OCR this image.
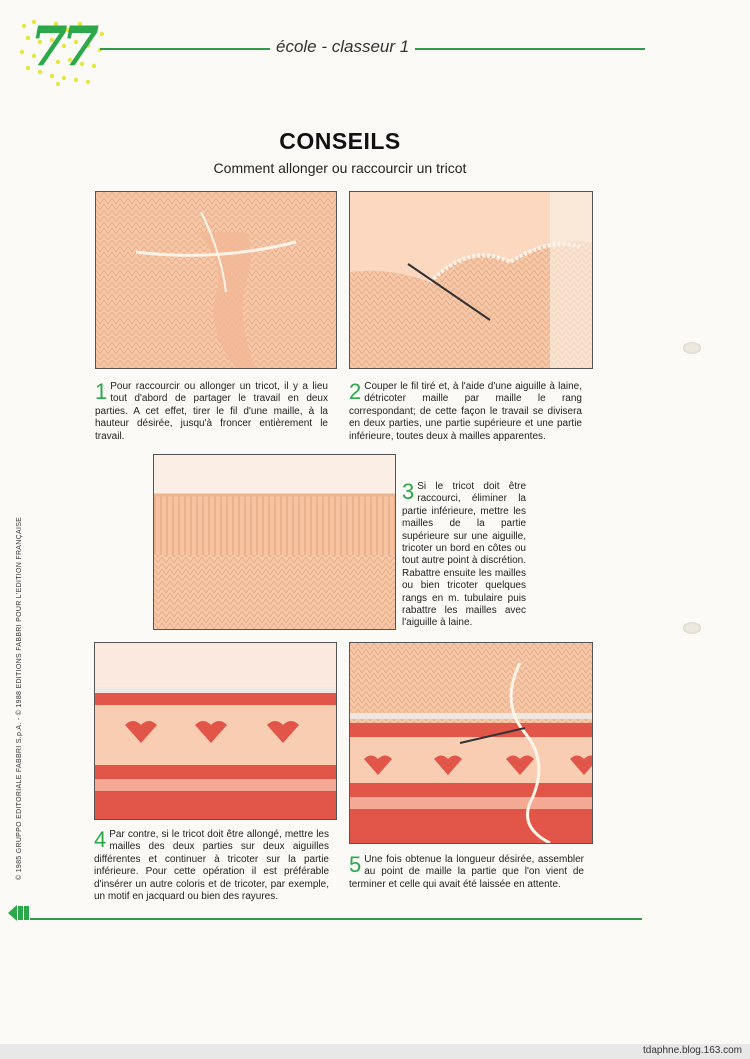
77	école - classeur 1
CONSEILS
Comment allonger ou raccourcir un tricot
1 Pour raccourcir ou allonger un tricot, il y a lieu tout d'abord de partager le travail en deux parties. A cet effet, tirer le fil d'une maille, à la hauteur désirée, jusqu'à froncer entièrement le travail.
2 Couper le fil tiré et, à l'aide d'une aiguille à laine, détricoter maille par maille le rang correspondant; de cette façon le travail se divisera en deux parties, une partie supérieure et une partie inférieure, toutes deux à mailles apparentes.
3 Si le tricot doit être raccourci, éliminer la partie inférieure, mettre les mailles de la partie supérieure sur une aiguille, tricoter un bord en côtes ou tout autre point à discrétion. Rabattre ensuite les mailles ou bien tricoter quelques rangs en m. tubulaire puis rabattre les mailles avec l'aiguille à laine.
4 Par contre, si le tricot doit être allongé, mettre les mailles des deux parties sur deux aiguilles différentes et continuer à tricoter sur la partie inférieure. Pour cette opération il est préférable d'insérer un autre coloris et de tricoter, par exemple, un motif en jacquard ou bien des rayures.
5 Une fois obtenue la longueur désirée, assembler au point de maille la partie que l'on vient de terminer et celle qui avait été laissée en attente.
© 1985 GRUPPO EDITORIALE FABBRI S.p.A. - © 1988 EDITIONS FABBRI POUR L'EDITION FRANÇAISE
tdaphne.blog.163.com
